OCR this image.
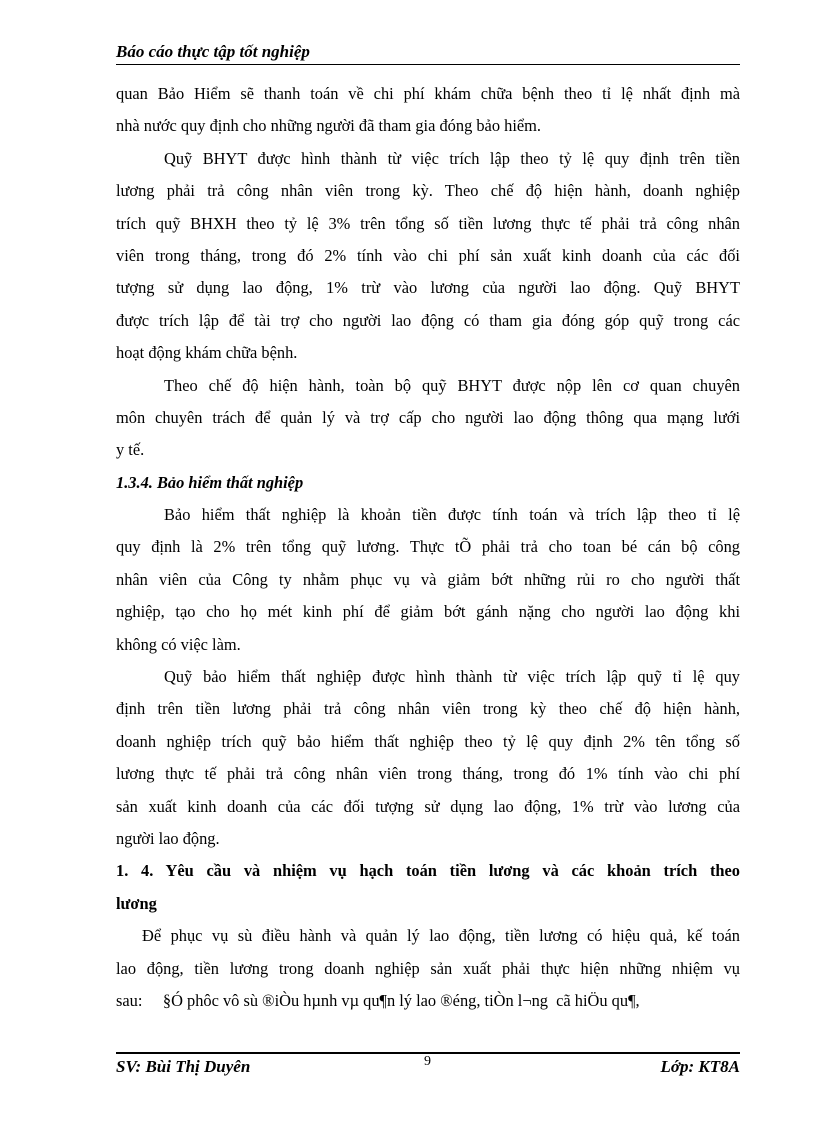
Báo cáo thực tập tốt nghiệp
quan Bảo Hiểm sẽ thanh toán về chi phí khám chữa bệnh theo tỉ lệ nhất định mà
nhà nước quy định cho những người đã tham gia đóng bảo hiểm.
Quỹ BHYT được hình thành từ việc trích lập theo tỷ lệ quy định trên tiền
lương phải trả công nhân viên trong kỳ. Theo chế độ hiện hành, doanh nghiệp
trích quỹ BHXH theo tỷ lệ 3% trên tổng số tiền lương thực tế phải trả công nhân
viên trong tháng, trong đó 2% tính vào chi phí sản xuất kinh doanh của các đối
tượng sử dụng lao động, 1% trừ vào lương của người lao động. Quỹ BHYT
được trích lập để tài trợ cho người lao động có tham gia đóng góp quỹ trong các
hoạt động khám chữa bệnh.
Theo chế độ hiện hành, toàn bộ quỹ BHYT được nộp lên cơ quan chuyên
môn chuyên trách để quản lý và trợ cấp cho người lao động thông qua mạng lưới
y tế.
1.3.4. Bảo hiểm thất nghiệp
Bảo hiểm thất nghiệp là khoản tiền được tính toán và trích lập theo tỉ lệ
quy định là 2% trên tổng quỹ lương. Thực tÕ phải trả cho toan bé cán bộ công
nhân viên của Công ty nhằm phục vụ và giảm bớt những rủi ro cho người thất
nghiệp, tạo cho họ mét kinh phí để giảm bớt gánh nặng cho người lao động khi
không có việc làm.
Quỹ bảo hiểm thất nghiệp được hình thành từ việc trích lập quỹ tỉ lệ quy
định trên tiền lương phải trả công nhân viên trong kỳ theo chế độ hiện hành,
doanh nghiệp trích quỹ bảo hiểm thất nghiệp theo tỷ lệ quy định 2% tên tổng số
lương thực tế phải trả công nhân viên trong tháng, trong đó 1% tính vào chi phí
sản xuất kinh doanh của các đối tượng sử dụng lao động, 1% trừ vào lương của
người lao động.
1. 4. Yêu cầu và nhiệm vụ hạch toán tiền lương và các khoản trích theo
lương
Để phục vụ sù điều hành và quản lý lao động, tiền lương có hiệu quả, kế toán
lao động, tiền lương trong doanh nghiệp sản xuất phải thực hiện những nhiệm vụ
sau:     §Ó phôc vô sù ®iÒu hµnh vµ qu¶n lý lao ®éng, tiÒn l¬ng  cã hiÖu qu¶,
SV: Bùi Thị Duyên	9	Lớp: KT8A
